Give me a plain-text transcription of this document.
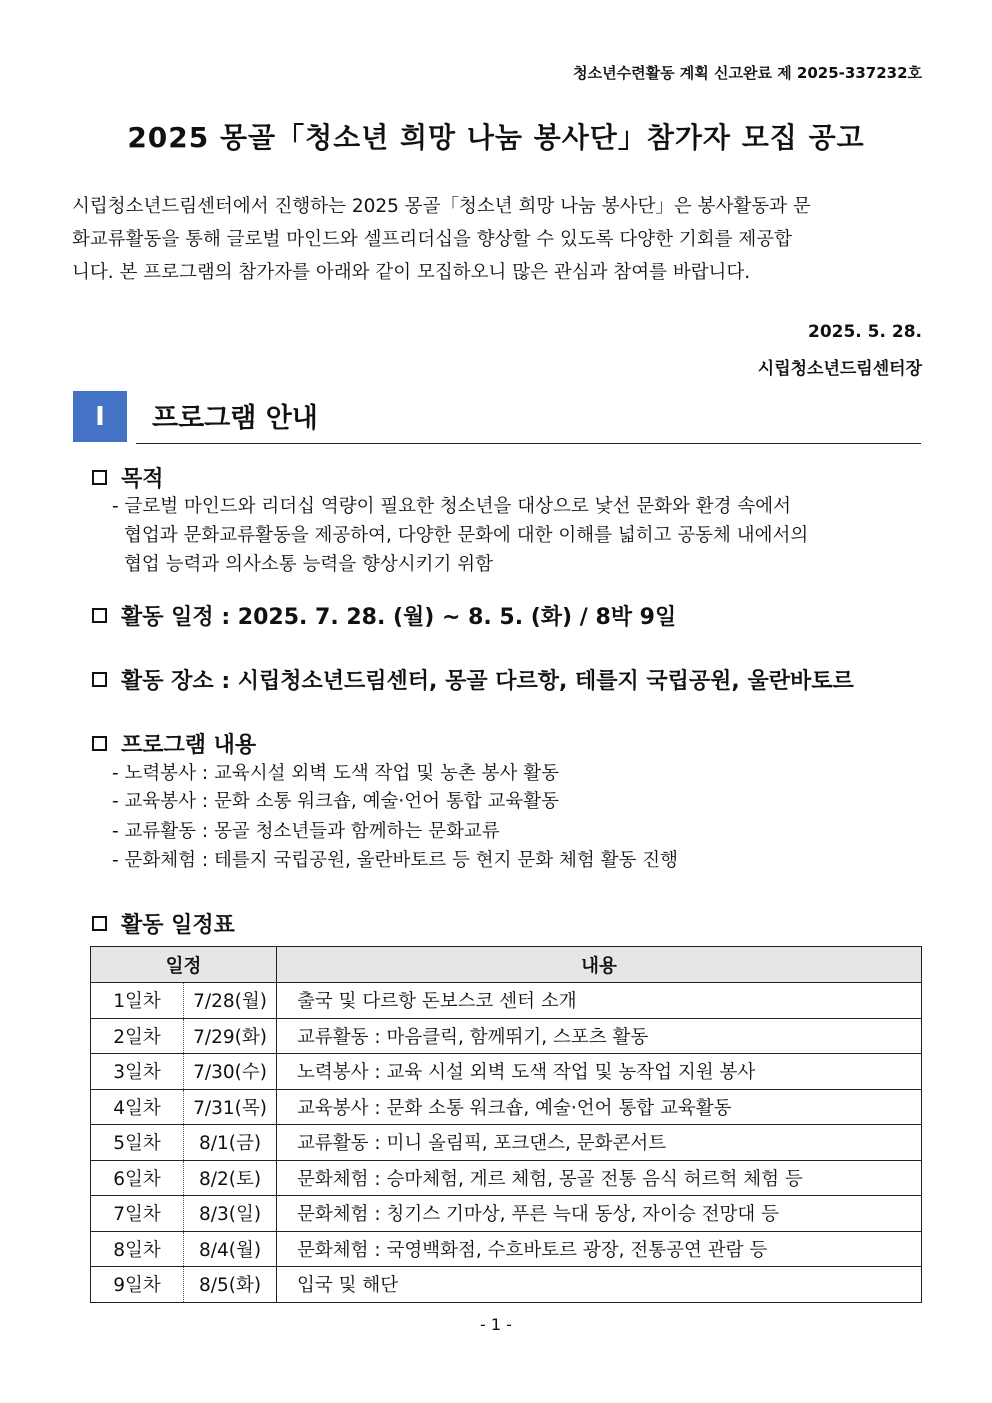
청소년수련활동 계획 신고완료 제 2025-337232호
2025 몽골「청소년 희망 나눔 봉사단」참가자 모집 공고
시립청소년드림센터에서 진행하는 2025 몽골「청소년 희망 나눔 봉사단」은 봉사활동과 문
화교류활동을 통해 글로벌 마인드와 셀프리더십을 향상할 수 있도록 다양한 기회를 제공합
니다. 본 프로그램의 참가자를 아래와 같이 모집하오니 많은 관심과 참여를 바랍니다.
2025. 5. 28.
시립청소년드림센터장
I	프로그램 안내
목적
- 글로벌 마인드와 리더십 역량이 필요한 청소년을 대상으로 낯선 문화와 환경 속에서
협업과 문화교류활동을 제공하여, 다양한 문화에 대한 이해를 넓히고 공동체 내에서의
협업 능력과 의사소통 능력을 향상시키기 위함
활동 일정 : 2025. 7. 28. (월) ~ 8. 5. (화) / 8박 9일
활동 장소 : 시립청소년드림센터, 몽골 다르항, 테를지 국립공원, 울란바토르
프로그램 내용
- 노력봉사 : 교육시설 외벽 도색 작업 및 농촌 봉사 활동
- 교육봉사 : 문화 소통 워크숍, 예술·언어 통합 교육활동
- 교류활동 : 몽골 청소년들과 함께하는 문화교류
- 문화체험 : 테를지 국립공원, 울란바토르 등 현지 문화 체험 활동 진행
활동 일정표
일정		내용
1일차	7/28(월)	출국 및 다르항 돈보스코 센터 소개
2일차	7/29(화)	교류활동 : 마음클릭, 함께뛰기, 스포츠 활동
3일차	7/30(수)	노력봉사 : 교육 시설 외벽 도색 작업 및 농작업 지원 봉사
4일차	7/31(목)	교육봉사 : 문화 소통 워크숍, 예술·언어 통합 교육활동
5일차	8/1(금)	교류활동 : 미니 올림픽, 포크댄스, 문화콘서트
6일차	8/2(토)	문화체험 : 승마체험, 게르 체험, 몽골 전통 음식 허르헉 체험 등
7일차	8/3(일)	문화체험 : 칭기스 기마상, 푸른 늑대 동상, 자이승 전망대 등
8일차	8/4(월)	문화체험 : 국영백화점, 수흐바토르 광장, 전통공연 관람 등
9일차	8/5(화)	입국 및 해단
- 1 -
